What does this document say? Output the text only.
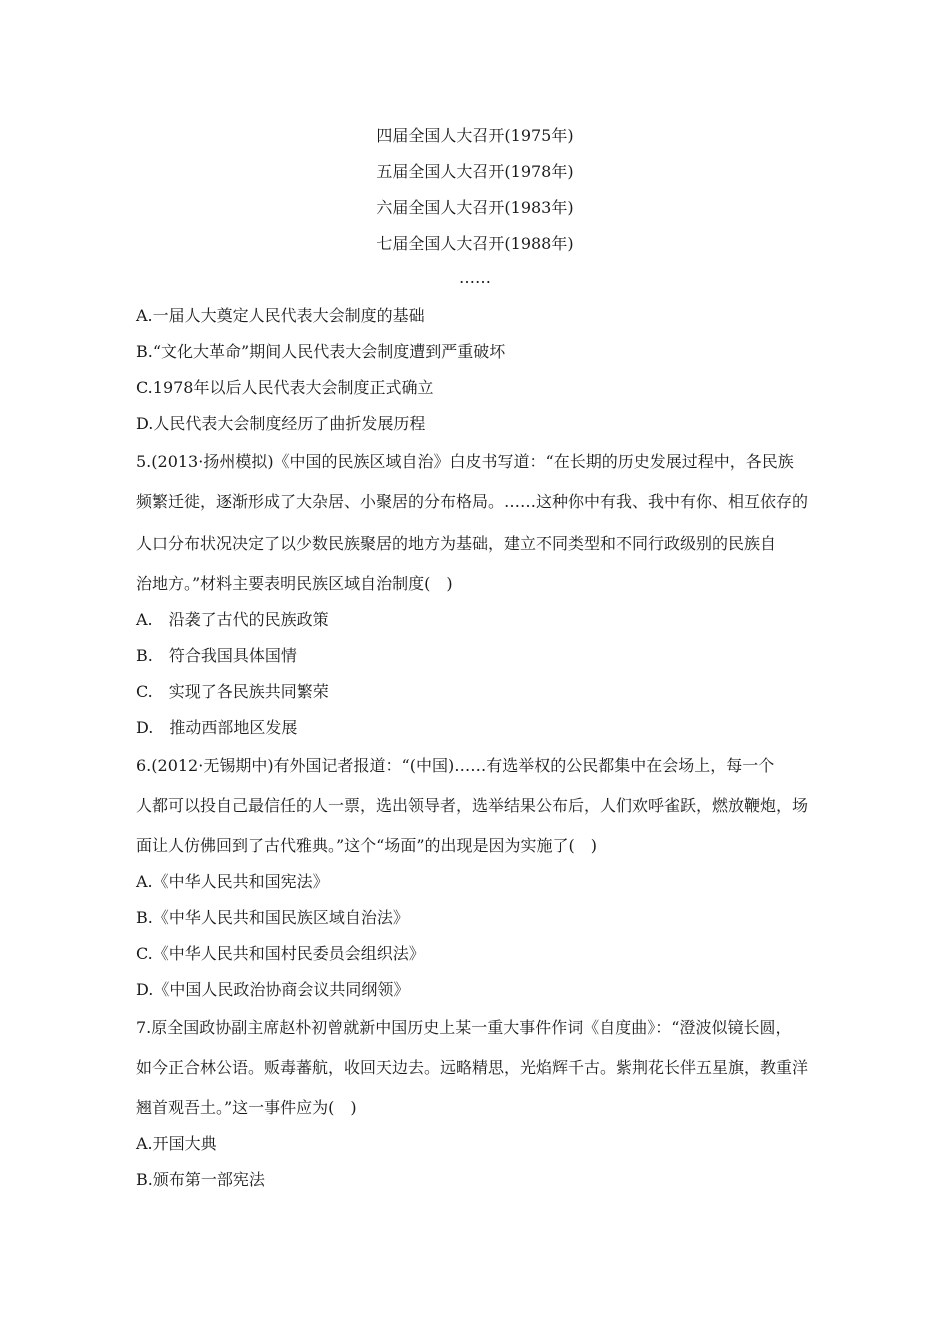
四届全国人大召开(1975年)
五届全国人大召开(1978年)
六届全国人大召开(1983年)
七届全国人大召开(1988年)
……
A.一届人大奠定人民代表大会制度的基础
B.“文化大革命”期间人民代表大会制度遭到严重破坏
C.1978年以后人民代表大会制度正式确立
D.人民代表大会制度经历了曲折发展历程
5.(2013·扬州模拟)《中国的民族区域自治》白皮书写道：“在长期的历史发展过程中，各民族
频繁迁徙，逐渐形成了大杂居、小聚居的分布格局。……这种你中有我、我中有你、相互依存的
人口分布状况决定了以少数民族聚居的地方为基础，建立不同类型和不同行政级别的民族自
治地方。”材料主要表明民族区域自治制度(　)
A.　沿袭了古代的民族政策
B.　符合我国具体国情
C.　实现了各民族共同繁荣
D.　推动西部地区发展
6.(2012·无锡期中)有外国记者报道：“(中国)……有选举权的公民都集中在会场上，每一个
人都可以投自己最信任的人一票，选出领导者，选举结果公布后，人们欢呼雀跃，燃放鞭炮，场
面让人仿佛回到了古代雅典。”这个“场面”的出现是因为实施了(　)
A.《中华人民共和国宪法》
B.《中华人民共和国民族区域自治法》
C.《中华人民共和国村民委员会组织法》
D.《中国人民政治协商会议共同纲领》
7.原全国政协副主席赵朴初曾就新中国历史上某一重大事件作词《自度曲》：“澄波似镜长圆，
如今正合林公语。贩毒蕃航，收回天边去。远略精思，光焰辉千古。紫荆花长伴五星旗，教重洋
翘首观吾土。”这一事件应为(　)
A.开国大典
B.颁布第一部宪法
